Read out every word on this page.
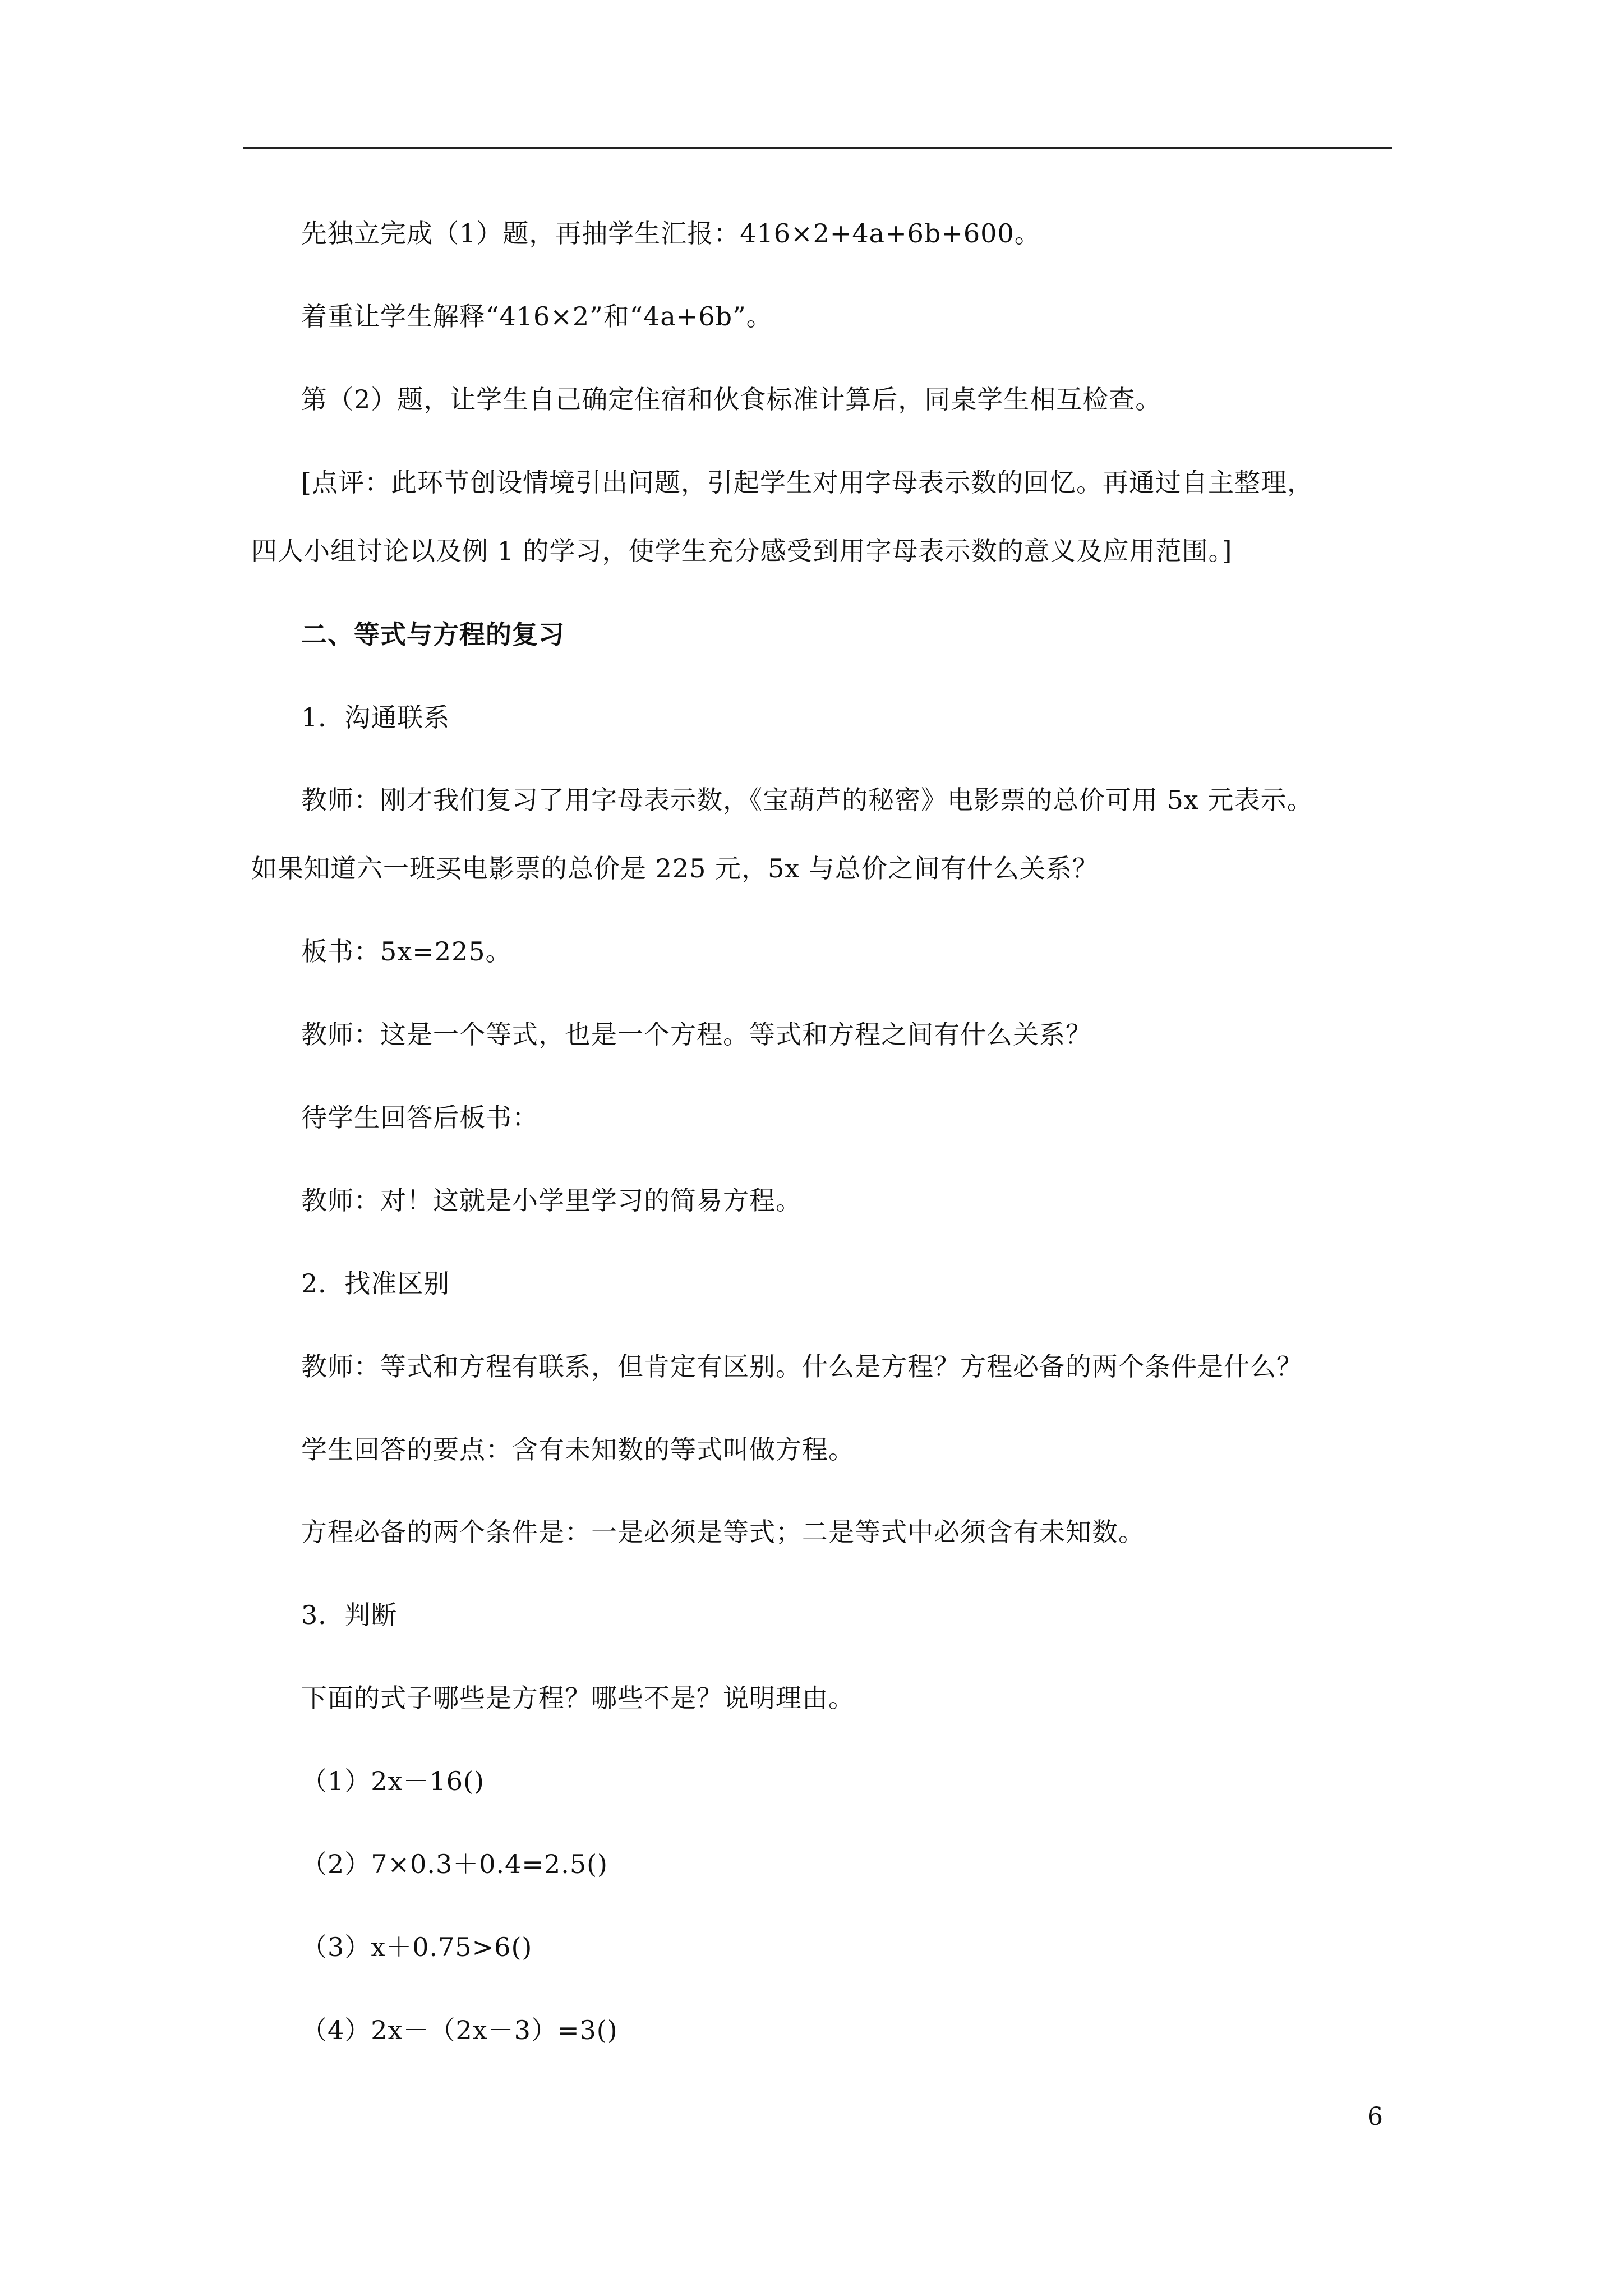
先独立完成（1）题，再抽学生汇报：416×2+4a+6b+600。
着重让学生解释“416×2”和“4a+6b”。
第（2）题，让学生自己确定住宿和伙食标准计算后，同桌学生相互检查。
[点评：此环节创设情境引出问题，引起学生对用字母表示数的回忆。再通过自主整理，
四人小组讨论以及例 1 的学习，使学生充分感受到用字母表示数的意义及应用范围。]
二、等式与方程的复习
1．沟通联系
教师：刚才我们复习了用字母表示数，《宝葫芦的秘密》电影票的总价可用 5x 元表示。
如果知道六一班买电影票的总价是 225 元，5x 与总价之间有什么关系？
板书：5x=225。
教师：这是一个等式，也是一个方程。等式和方程之间有什么关系？
待学生回答后板书：
教师：对！这就是小学里学习的简易方程。
2．找准区别
教师：等式和方程有联系，但肯定有区别。什么是方程？方程必备的两个条件是什么？
学生回答的要点：含有未知数的等式叫做方程。
方程必备的两个条件是：一是必须是等式；二是等式中必须含有未知数。
3．判断
下面的式子哪些是方程？哪些不是？说明理由。
（1）2x－16()
（2）7×0.3＋0.4=2.5()
（3）x＋0.75>6()
（4）2x－（2x－3）=3()
6
